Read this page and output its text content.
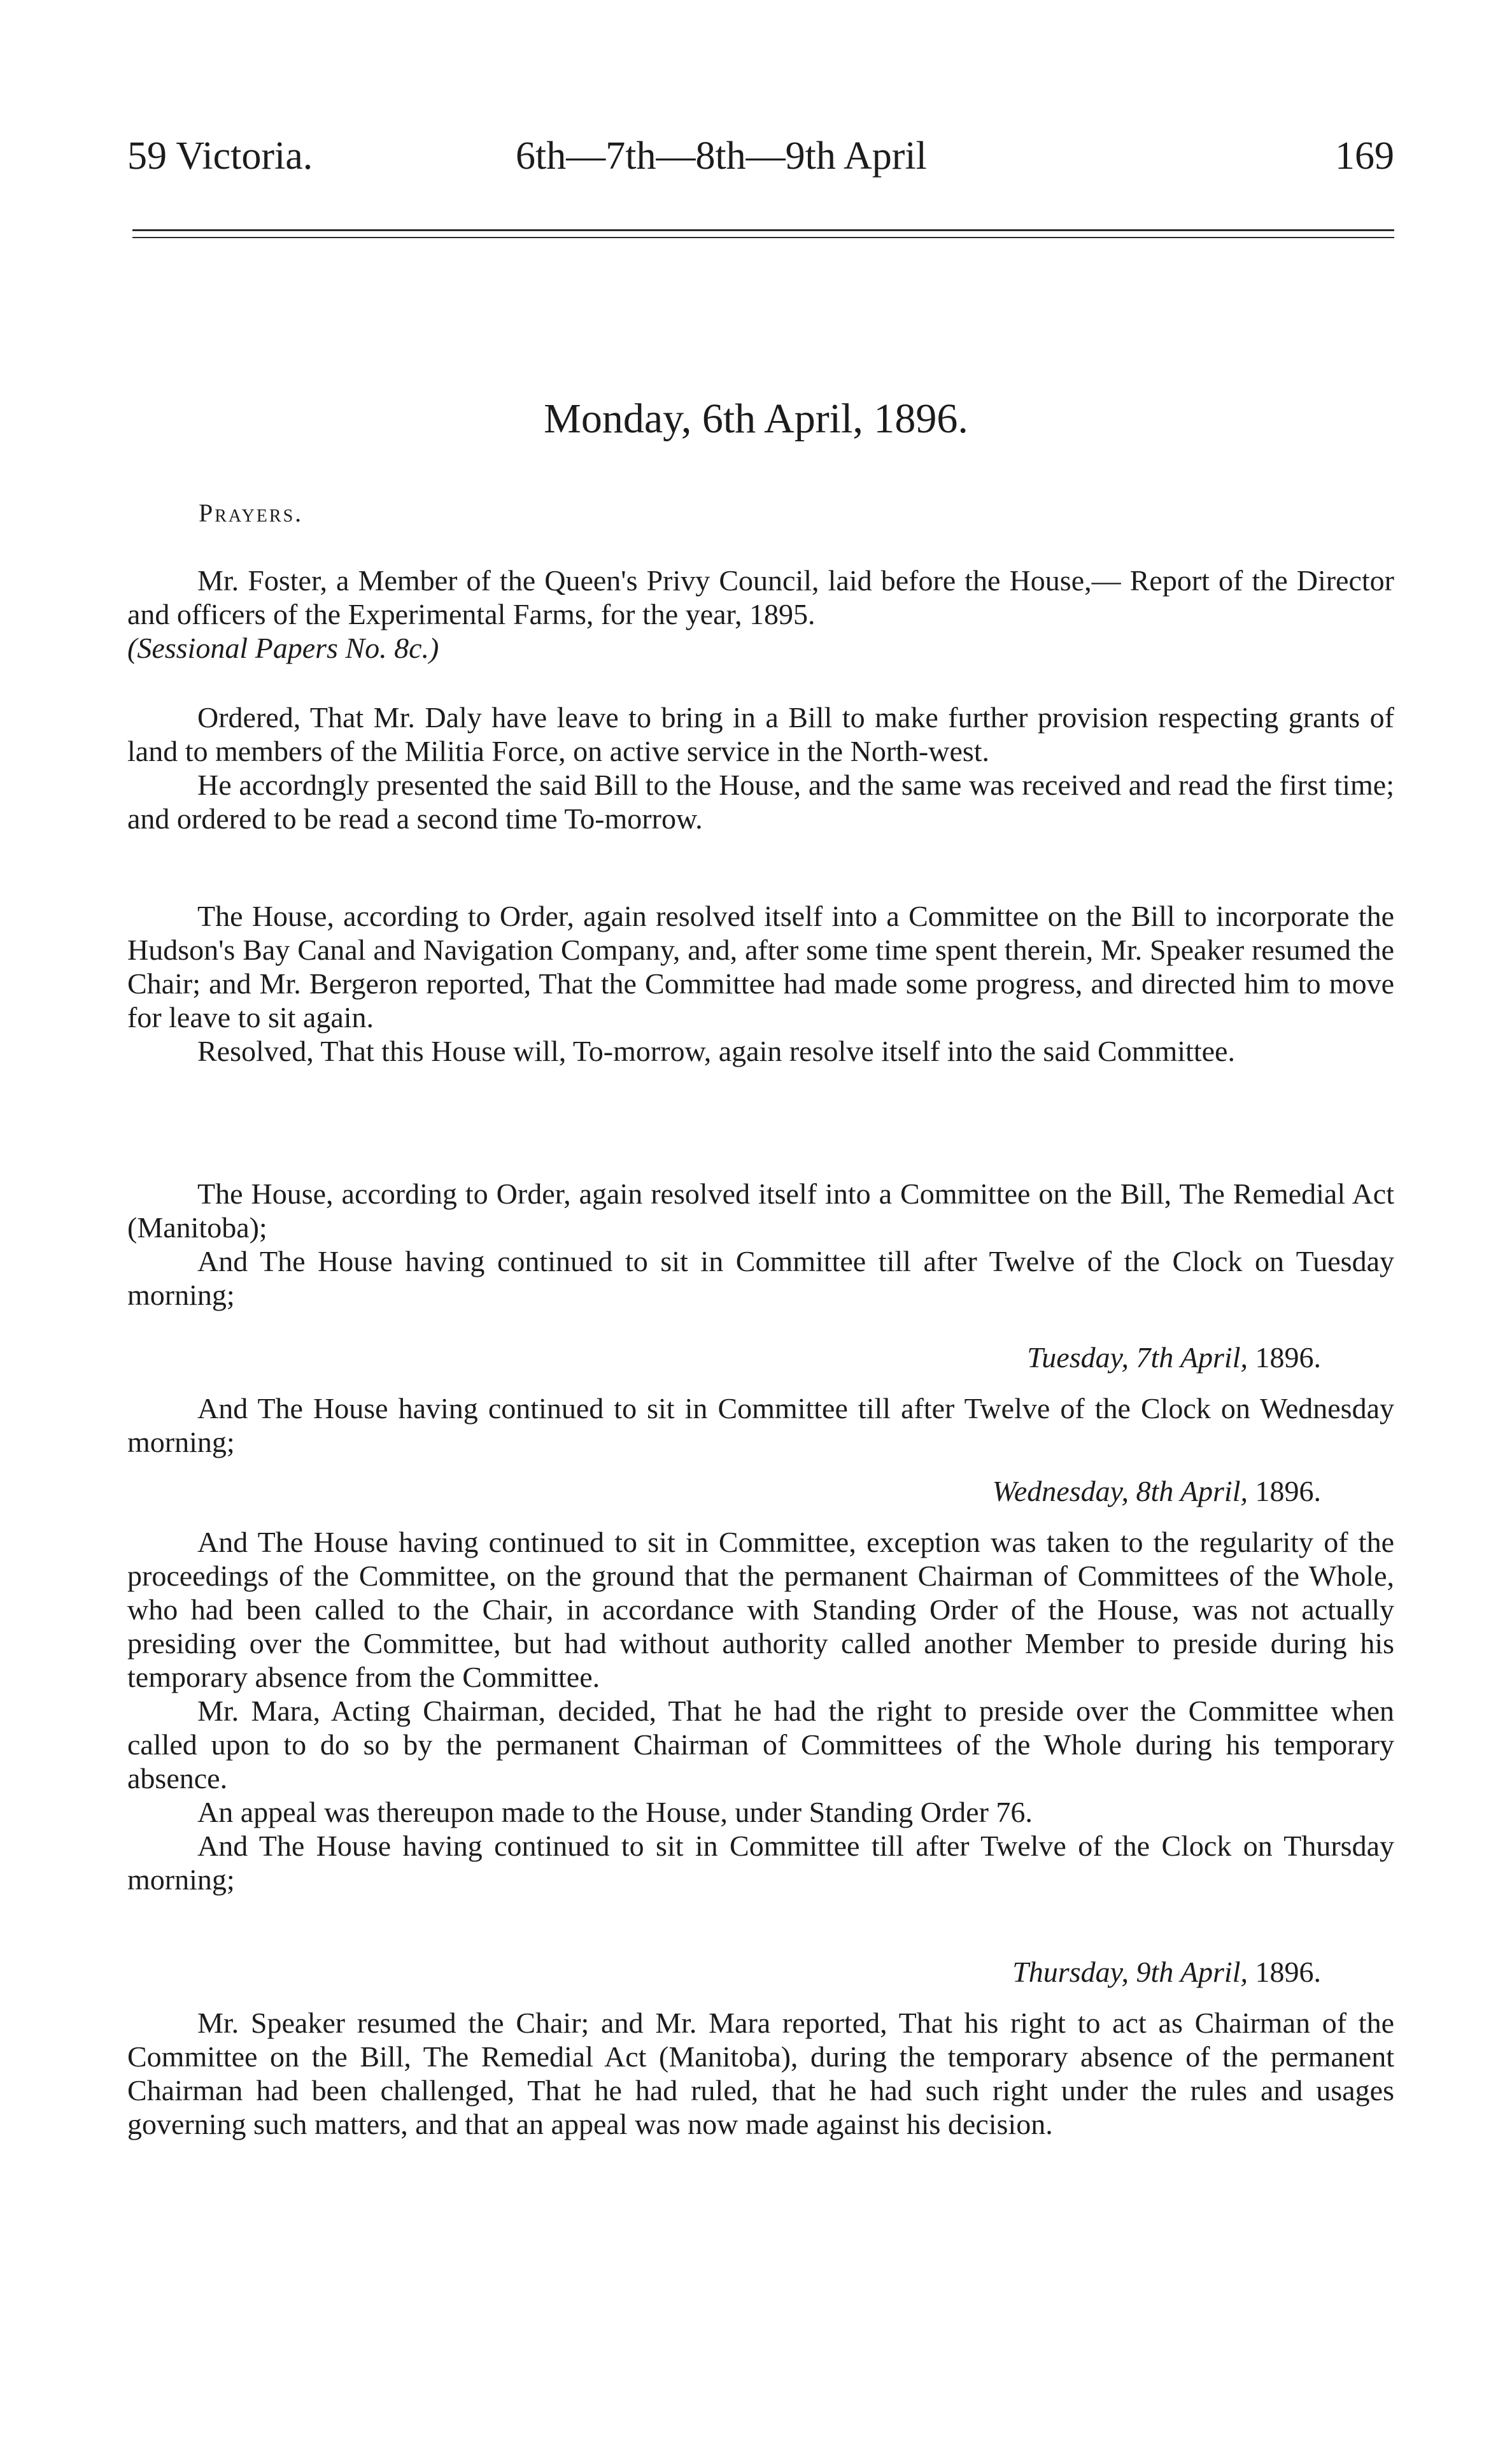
59 Victoria.	6th—7th—8th—9th April	169
Monday, 6th April, 1896.
Prayers.

Mr. Foster, a Member of the Queen's Privy Council, laid before the House,— Report of the Director and officers of the Experimental Farms, for the year, 1895.

(Sessional Papers No. 8c.)

Ordered, That Mr. Daly have leave to bring in a Bill to make further provision respecting grants of land to members of the Militia Force, on active service in the North-west.

He accordngly presented the said Bill to the House, and the same was received and read the first time; and ordered to be read a second time To-morrow.

The House, according to Order, again resolved itself into a Committee on the Bill to incorporate the Hudson's Bay Canal and Navigation Company, and, after some time spent therein, Mr. Speaker resumed the Chair; and Mr. Bergeron reported, That the Committee had made some progress, and directed him to move for leave to sit again.

Resolved, That this House will, To-morrow, again resolve itself into the said Committee.

The House, according to Order, again resolved itself into a Committee on the Bill, The Remedial Act (Manitoba);

And The House having continued to sit in Committee till after Twelve of the Clock on Tuesday morning;

Tuesday, 7th April, 1896.

And The House having continued to sit in Committee till after Twelve of the Clock on Wednesday morning;

Wednesday, 8th April, 1896.

And The House having continued to sit in Committee, exception was taken to the regularity of the proceedings of the Committee, on the ground that the permanent Chairman of Committees of the Whole, who had been called to the Chair, in accordance with Standing Order of the House, was not actually presiding over the Committee, but had without authority called another Member to preside during his temporary absence from the Committee.

Mr. Mara, Acting Chairman, decided, That he had the right to preside over the Committee when called upon to do so by the permanent Chairman of Committees of the Whole during his temporary absence.

An appeal was thereupon made to the House, under Standing Order 76.

And The House having continued to sit in Committee till after Twelve of the Clock on Thursday morning;

Thursday, 9th April, 1896.

Mr. Speaker resumed the Chair; and Mr. Mara reported, That his right to act as Chairman of the Committee on the Bill, The Remedial Act (Manitoba), during the temporary absence of the permanent Chairman had been challenged, That he had ruled, that he had such right under the rules and usages governing such matters, and that an appeal was now made against his decision.
